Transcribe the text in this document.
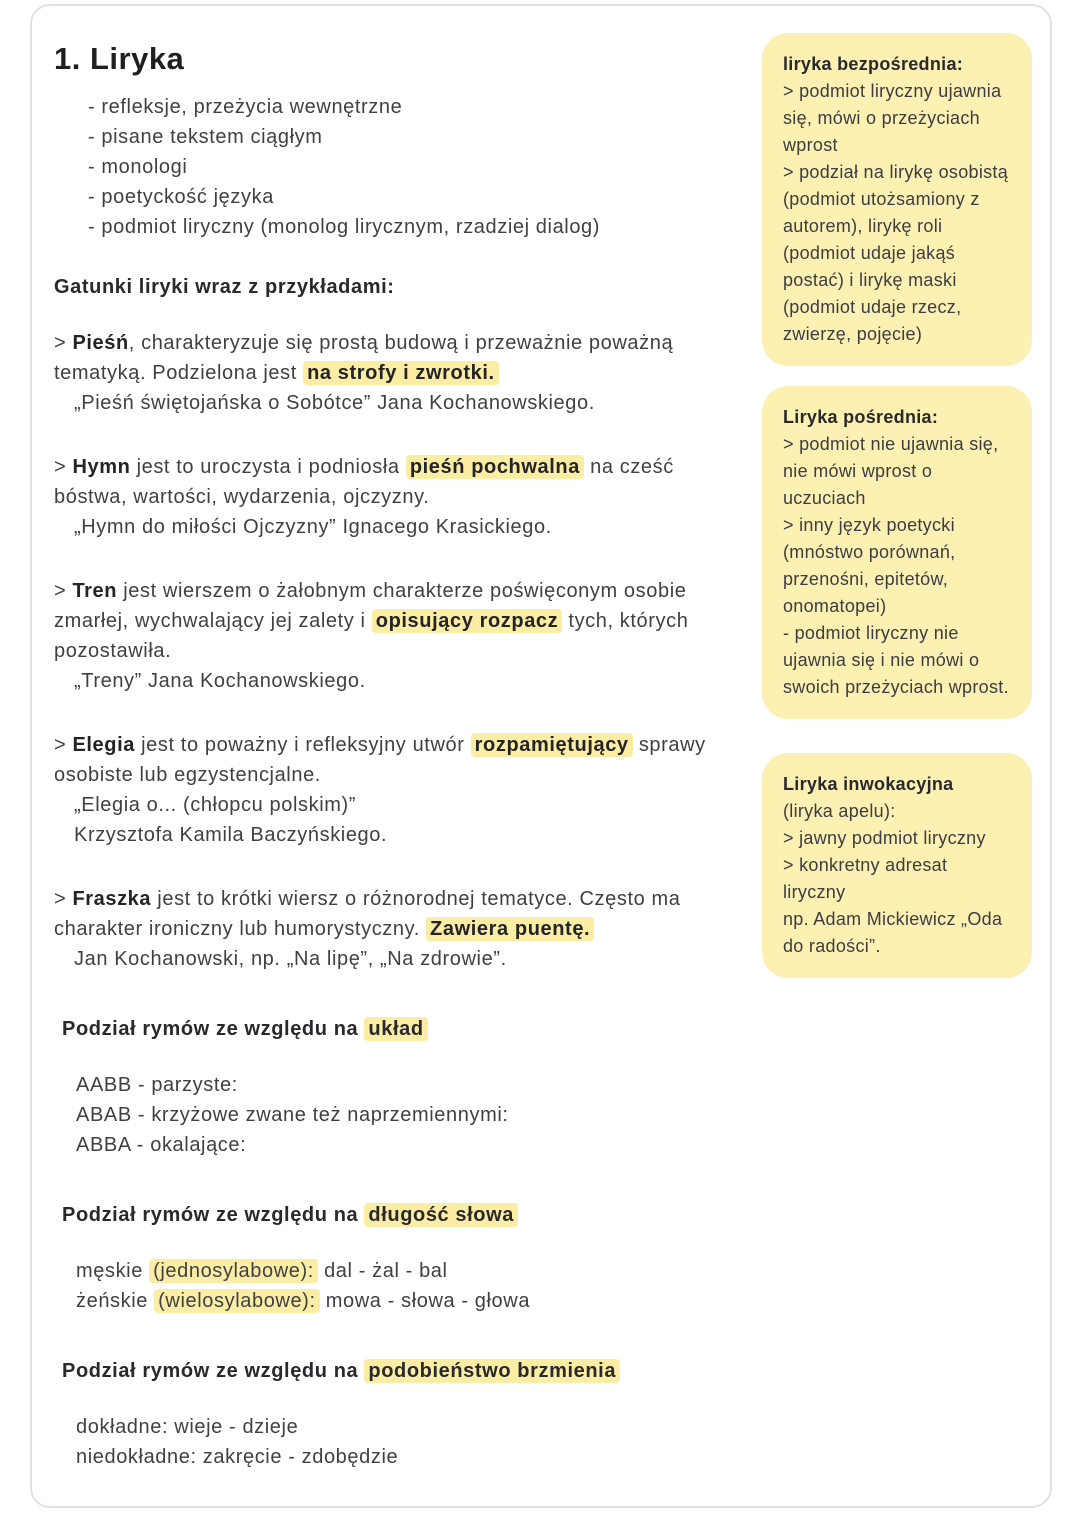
1. Liryka
- refleksje, przeżycia wewnętrzne
- pisane tekstem ciągłym
- monologi
- poetyckość języka
- podmiot liryczny (monolog lirycznym, rzadziej dialog)

Gatunki liryki wraz z przykładami:

> Pieśń, charakteryzuje się prostą budową i przeważnie poważną tematyką. Podzielona jest na strofy i zwrotki.

„Pieśń świętojańska o Sobótce” Jana Kochanowskiego.

> Hymn jest to uroczysta i podniosła pieśń pochwalna na cześć bóstwa, wartości, wydarzenia, ojczyzny.

„Hymn do miłości Ojczyzny” Ignacego Krasickiego.

> Tren jest wierszem o żałobnym charakterze poświęconym osobie zmarłej, wychwalający jej zalety i opisujący rozpacz tych, których pozostawiła.

„Treny” Jana Kochanowskiego.

> Elegia jest to poważny i refleksyjny utwór rozpamiętujący sprawy osobiste lub egzystencjalne.

„Elegia o... (chłopcu polskim)”

Krzysztofa Kamila Baczyńskiego.

> Fraszka jest to krótki wiersz o różnorodnej tematyce. Często ma charakter ironiczny lub humorystyczny. Zawiera puentę.

Jan Kochanowski, np. „Na lipę”, „Na zdrowie”.

Podział rymów ze względu na układ

AABB - parzyste:

ABAB - krzyżowe zwane też naprzemiennymi:

ABBA - okalające:

Podział rymów ze względu na długość słowa

męskie (jednosylabowe): dal - żal - bal

żeńskie (wielosylabowe): mowa - słowa - głowa

Podział rymów ze względu na podobieństwo brzmienia

dokładne: wieje - dzieje

niedokładne: zakręcie - zdobędzie

liryka bezpośrednia:

> podmiot liryczny ujawnia się, mówi o przeżyciach wprost

> podział na lirykę osobistą (podmiot utożsamiony z autorem), lirykę roli (podmiot udaje jakąś postać) i lirykę maski (podmiot udaje rzecz, zwierzę, pojęcie)

Liryka pośrednia:

> podmiot nie ujawnia się, nie mówi wprost o uczuciach

> inny język poetycki (mnóstwo porównań, przenośni, epitetów, onomatopei)

- podmiot liryczny nie ujawnia się i nie mówi o swoich przeżyciach wprost.

Liryka inwokacyjna

(liryka apelu):

> jawny podmiot liryczny

> konkretny adresat liryczny

np. Adam Mickiewicz „Oda do radości”.
